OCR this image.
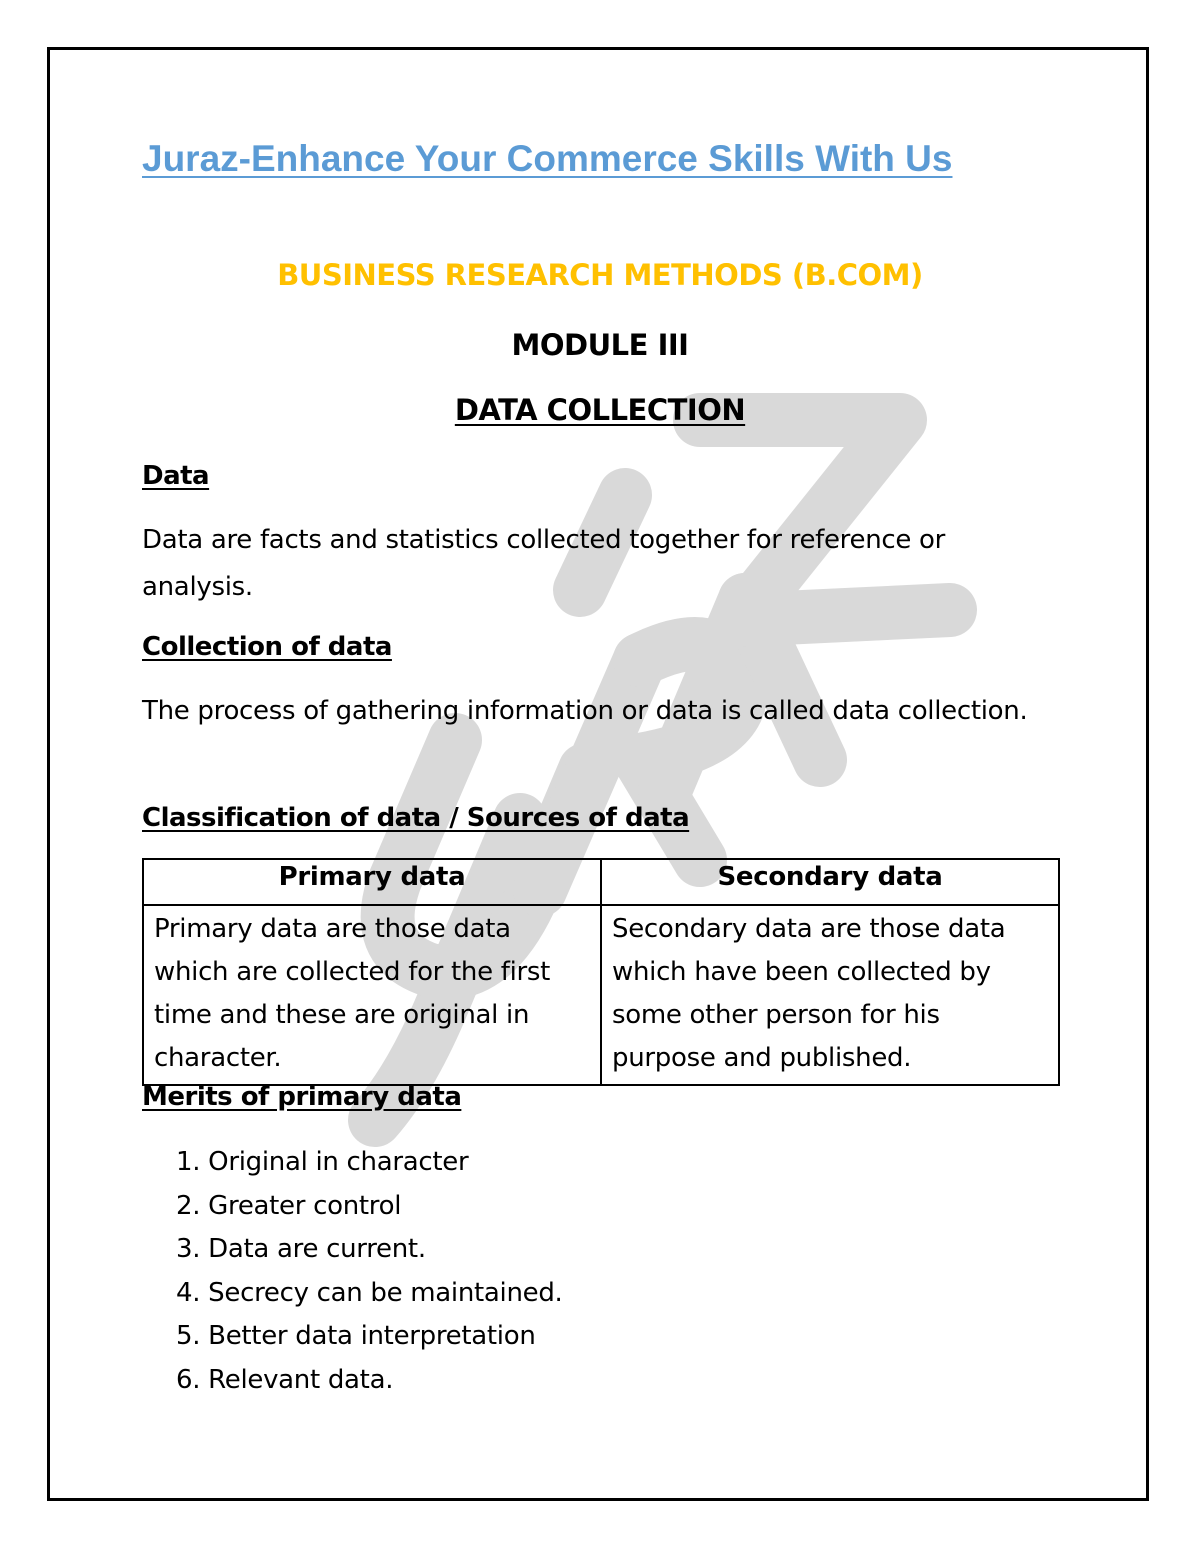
Juraz-Enhance Your Commerce Skills With Us
BUSINESS RESEARCH METHODS (B.COM)
MODULE III
DATA COLLECTION
Data
Data are facts and statistics collected together for reference or analysis.
Collection of data
The process of gathering information or data is called data collection.
Classification of data / Sources of data
Primary data	Secondary data
Primary data are those data which are collected for the first time and these are original in character.	Secondary data are those data which have been collected by some other person for his purpose and published.
Merits of primary data
1. Original in character
2. Greater control
3. Data are current.
4. Secrecy can be maintained.
5. Better data interpretation
6. Relevant data.
